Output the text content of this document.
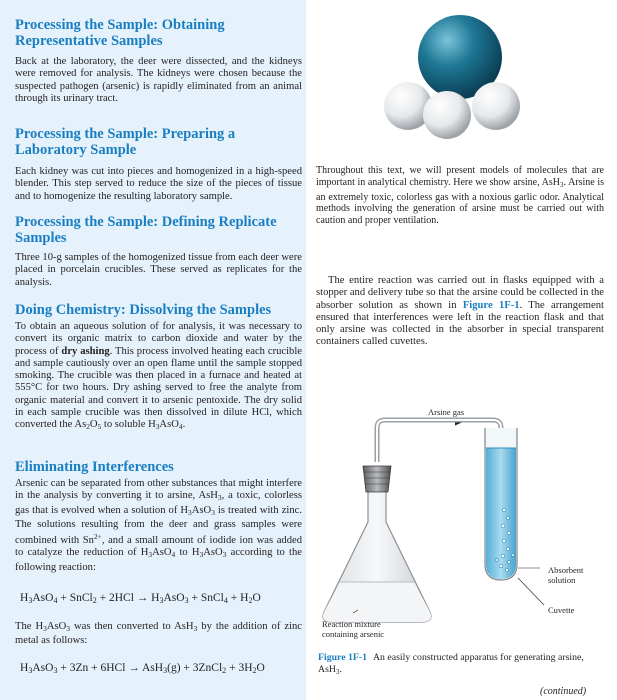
Processing the Sample: Obtaining Representative Samples
Back at the laboratory, the deer were dissected, and the kidneys were removed for analysis. The kidneys were chosen because the suspected pathogen (arsenic) is rapidly eliminated from an animal through its urinary tract.
Processing the Sample: Preparing a Laboratory Sample
Each kidney was cut into pieces and homogenized in a high-speed blender. This step served to reduce the size of the pieces of tissue and to homogenize the resulting laboratory sample.
Processing the Sample: Defining Replicate Samples
Three 10-g samples of the homogenized tissue from each deer were placed in porcelain crucibles. These served as replicates for the analysis.
Doing Chemistry: Dissolving the Samples
To obtain an aqueous solution of for analysis, it was necessary to convert its organic matrix to carbon dioxide and water by the process of dry ashing. This process involved heating each crucible and sample cautiously over an open flame until the sample stopped smoking. The crucible was then placed in a furnace and heated at 555°C for two hours. Dry ashing served to free the analyte from organic material and convert it to arsenic pentoxide. The dry solid in each sample crucible was then dissolved in dilute HCl, which converted the $As_2O_5$ to soluble $H_3AsO_4$.
Eliminating Interferences
Arsenic can be separated from other substances that might interfere in the analysis by converting it to arsine, AsH$_3$, a toxic, colorless gas that is evolved when a solution of $H_3AsO_3$ is treated with zinc. The solutions resulting from the deer and grass samples were combined with $Sn^{2+}$, and a small amount of iodide ion was added to catalyze the reduction of $H_3AsO_4$ to $H_3AsO_3$ according to the following reaction:
$H_3AsO_4$ + SnCl$_2$ + $2HCl \to H_3AsO_3$ + SnCl$_4$ + $H_2O$
The $H_3AsO_3$ was then converted to AsH$_3$ by the addition of zinc metal as follows:
$H_3AsO_3 + 3Zn + 6HCl \to AsH_3(g)$ + 3ZnCl$_2$ + $3H_2O$
Throughout this text, we will present models of molecules that are important in analytical chemistry. Here we show arsine, AsH$_3$. Arsine is an extremely toxic, colorless gas with a noxious garlic odor. Analytical methods involving the generation of arsine must be carried out with caution and proper ventilation.
The entire reaction was carried out in flasks equipped with a stopper and delivery tube so that the arsine could be collected in the absorber solution as shown in Figure 1F-1. The arrangement ensured that interferences were left in the reaction flask and that only arsine was collected in the absorber in special transparent containers called cuvettes.
Arsine gas
Absorbent
solution
Cuvette
Reaction mixture
containing arsenic
Figure 1F-1 An easily constructed apparatus for generating arsine, AsH$_3$.
(continued)
